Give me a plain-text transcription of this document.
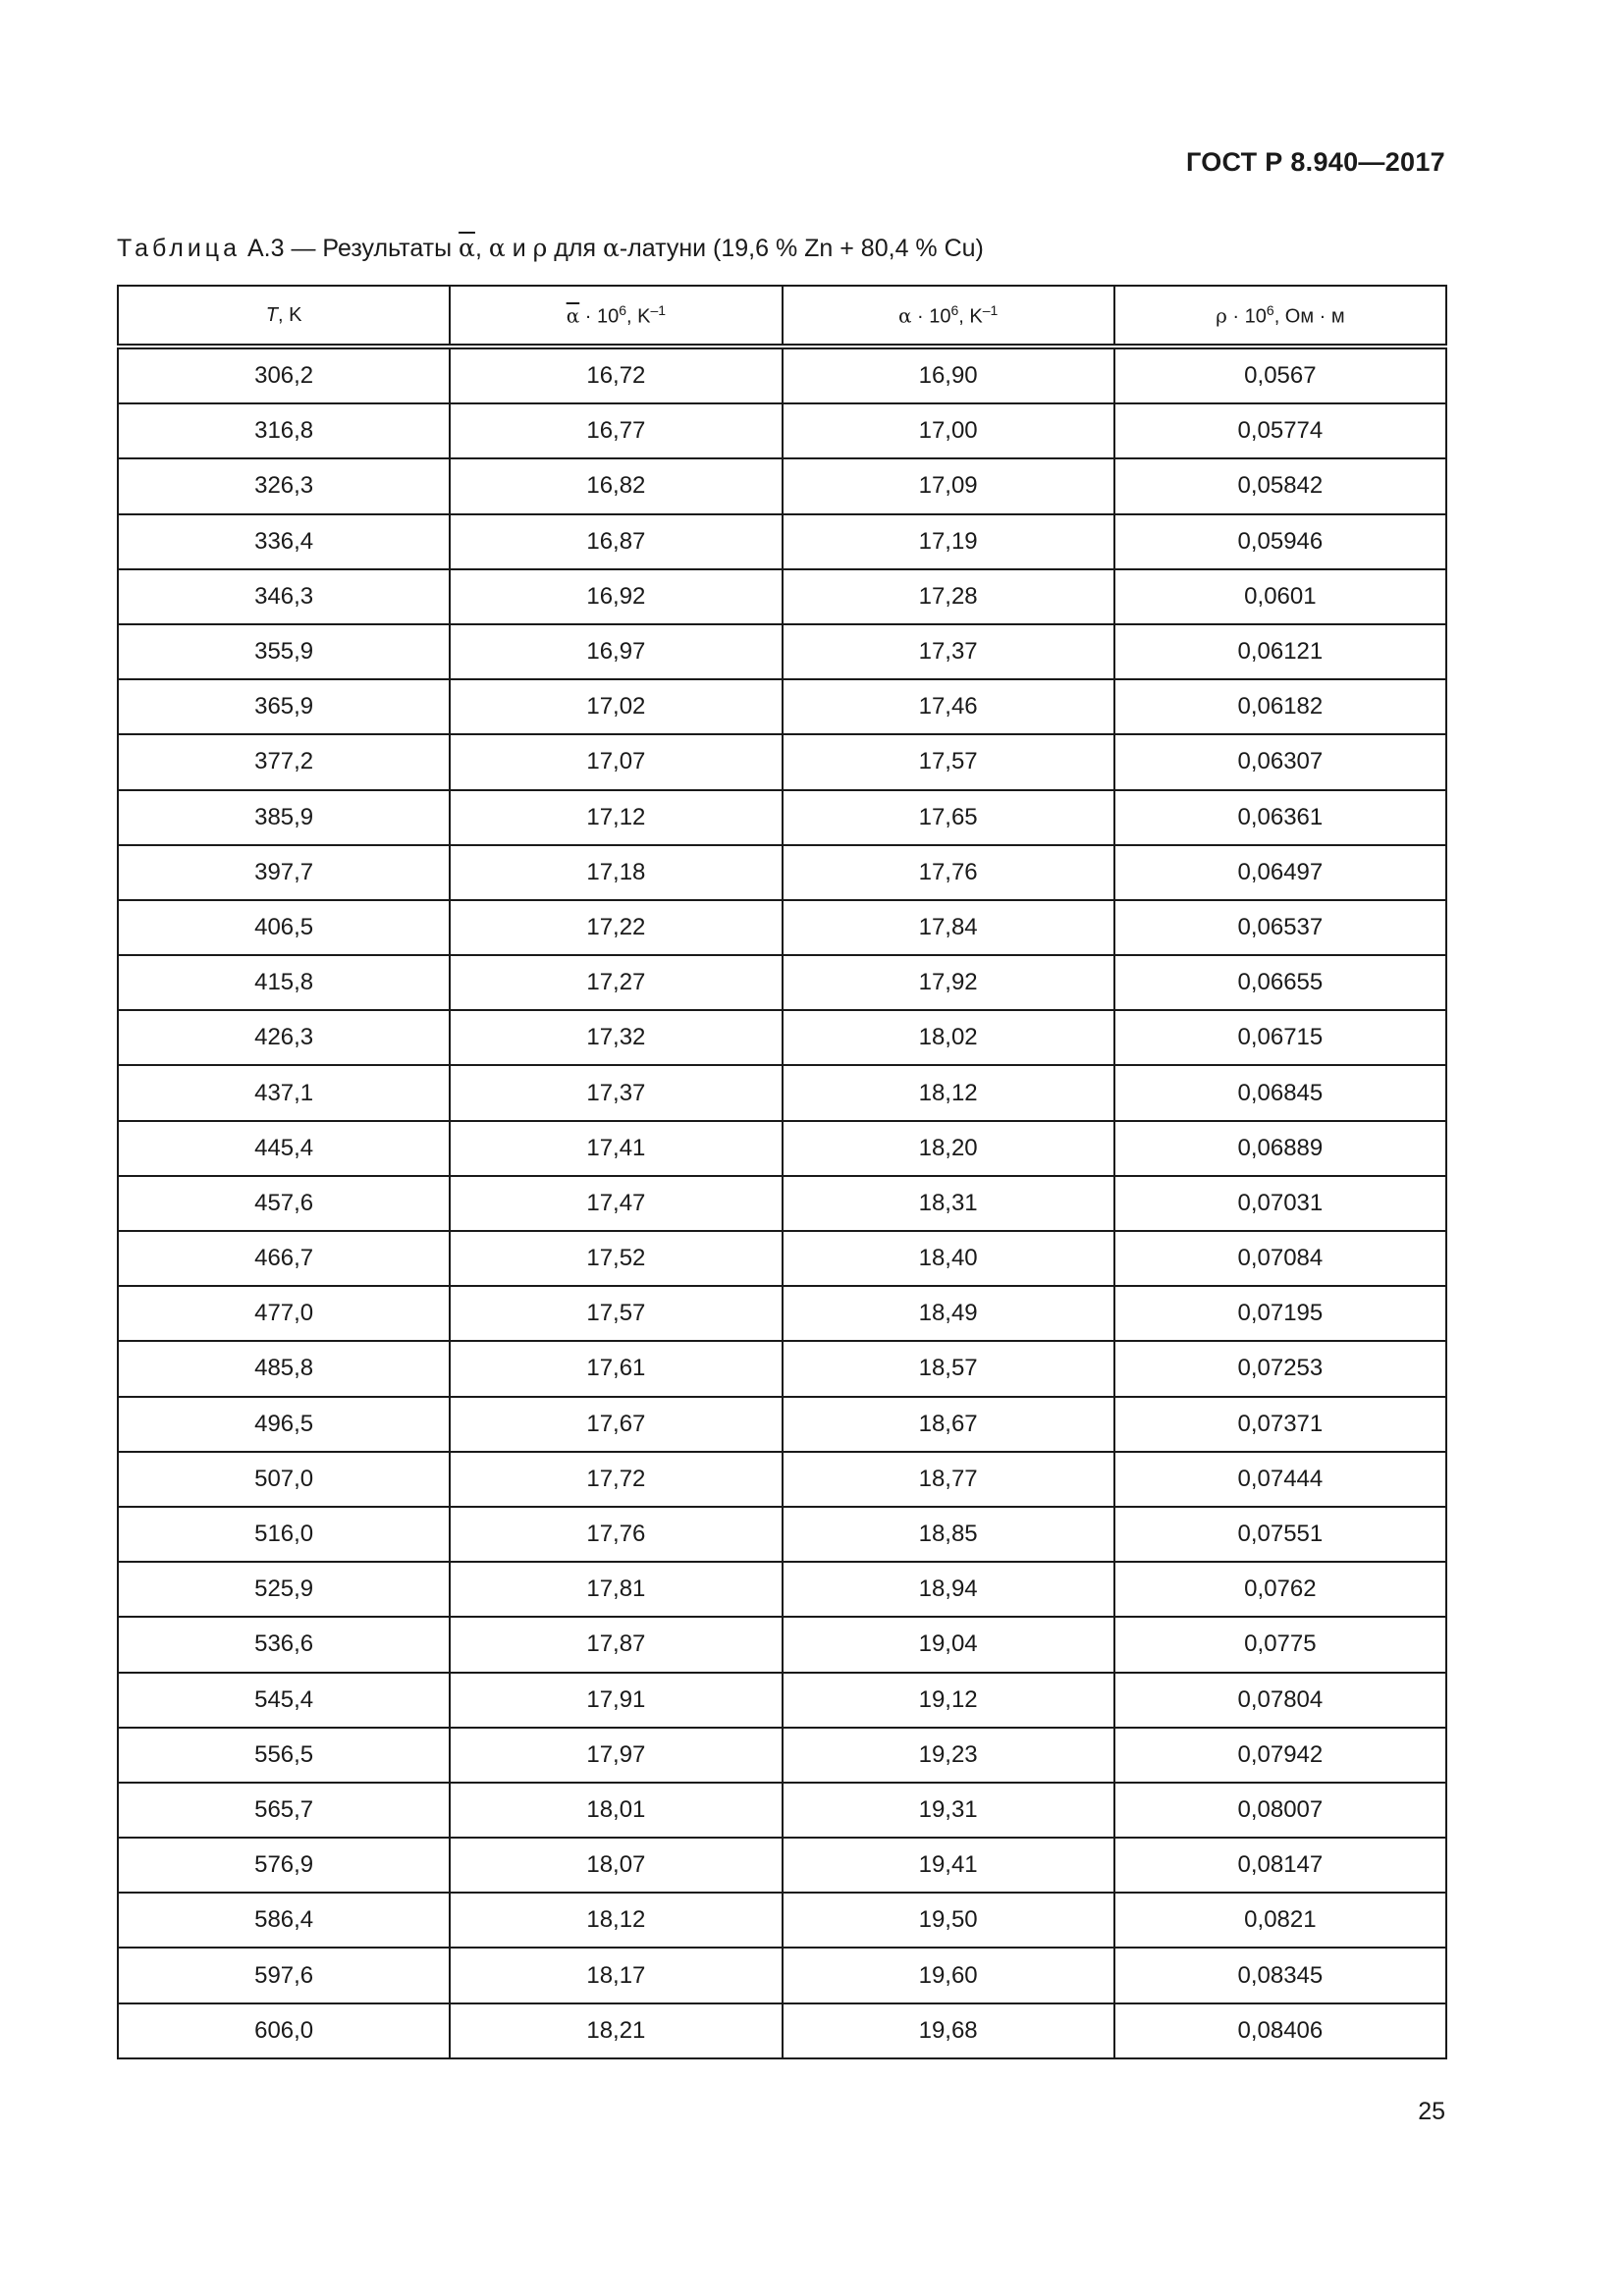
ГОСТ Р 8.940—2017
Таблица А.3 — Результаты $\overline{\alpha}$, α и ρ для α-латуни (19,6 % Zn + 80,4 % Cu)
T, K	$\overline{\alpha} \cdot 10^6$, $K^{-1}$	$\alpha \cdot 10^6$, $K^{-1}$	$\rho \cdot 10^6$, Ом · м
306,2	16,72	16,90	0,0567
316,8	16,77	17,00	0,05774
326,3	16,82	17,09	0,05842
336,4	16,87	17,19	0,05946
346,3	16,92	17,28	0,0601
355,9	16,97	17,37	0,06121
365,9	17,02	17,46	0,06182
377,2	17,07	17,57	0,06307
385,9	17,12	17,65	0,06361
397,7	17,18	17,76	0,06497
406,5	17,22	17,84	0,06537
415,8	17,27	17,92	0,06655
426,3	17,32	18,02	0,06715
437,1	17,37	18,12	0,06845
445,4	17,41	18,20	0,06889
457,6	17,47	18,31	0,07031
466,7	17,52	18,40	0,07084
477,0	17,57	18,49	0,07195
485,8	17,61	18,57	0,07253
496,5	17,67	18,67	0,07371
507,0	17,72	18,77	0,07444
516,0	17,76	18,85	0,07551
525,9	17,81	18,94	0,0762
536,6	17,87	19,04	0,0775
545,4	17,91	19,12	0,07804
556,5	17,97	19,23	0,07942
565,7	18,01	19,31	0,08007
576,9	18,07	19,41	0,08147
586,4	18,12	19,50	0,0821
597,6	18,17	19,60	0,08345
606,0	18,21	19,68	0,08406
25
